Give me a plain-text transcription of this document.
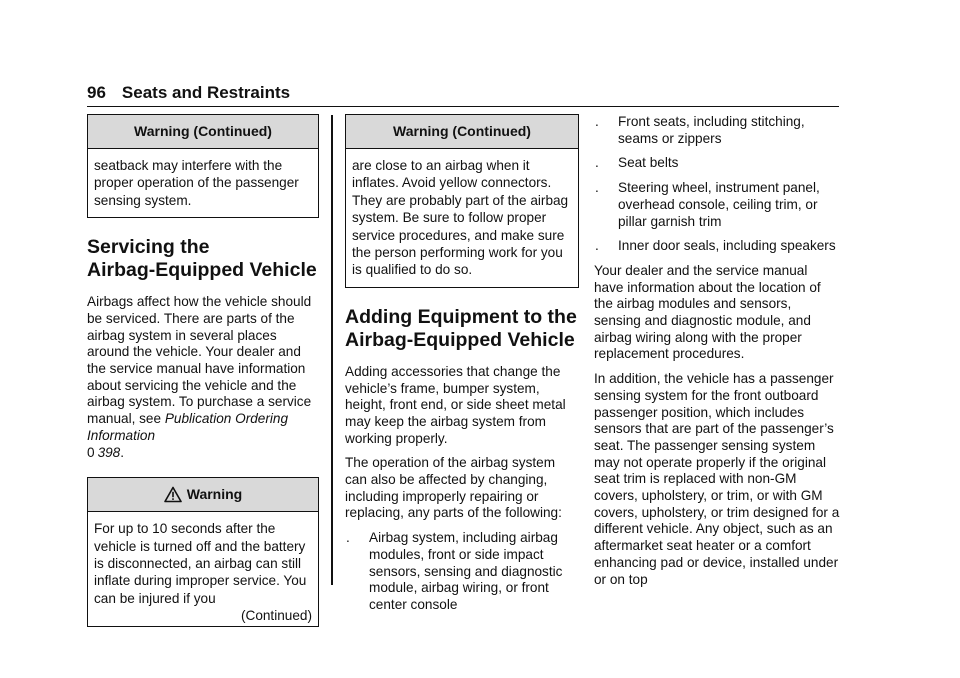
96 Seats and Restraints
Warning (Continued)
seatback may interfere with the proper operation of the passenger sensing system.
Servicing the
Airbag-Equipped Vehicle

Airbags affect how the vehicle should be serviced. There are parts of the airbag system in several places around the vehicle. Your dealer and the service manual have information about servicing the vehicle and the airbag system. To purchase a service manual, see Publication Ordering Information
0 398.

Warning
For up to 10 seconds after the vehicle is turned off and the battery is disconnected, an airbag can still inflate during improper service. You can be injured if you
(Continued)
Warning (Continued)
are close to an airbag when it inflates. Avoid yellow connectors. They are probably part of the airbag system. Be sure to follow proper service procedures, and make sure the person performing work for you is qualified to do so.
Adding Equipment to the
Airbag-Equipped Vehicle

Adding accessories that change the vehicle’s frame, bumper system, height, front end, or side sheet metal may keep the airbag system from working properly.

The operation of the airbag system can also be affected by changing, including improperly repairing or replacing, any parts of the following:

. Airbag system, including airbag modules, front or side impact sensors, sensing and diagnostic module, airbag wiring, or front center console
. Front seats, including stitching, seams or zippers
. Seat belts
. Steering wheel, instrument panel, overhead console, ceiling trim, or pillar garnish trim
. Inner door seals, including speakers

Your dealer and the service manual have information about the location of the airbag modules and sensors, sensing and diagnostic module, and airbag wiring along with the proper replacement procedures.

In addition, the vehicle has a passenger sensing system for the front outboard passenger position, which includes sensors that are part of the passenger’s seat. The passenger sensing system may not operate properly if the original seat trim is replaced with non-GM covers, upholstery, or trim, or with GM covers, upholstery, or trim designed for a different vehicle. Any object, such as an aftermarket seat heater or a comfort enhancing pad or device, installed under or on top
